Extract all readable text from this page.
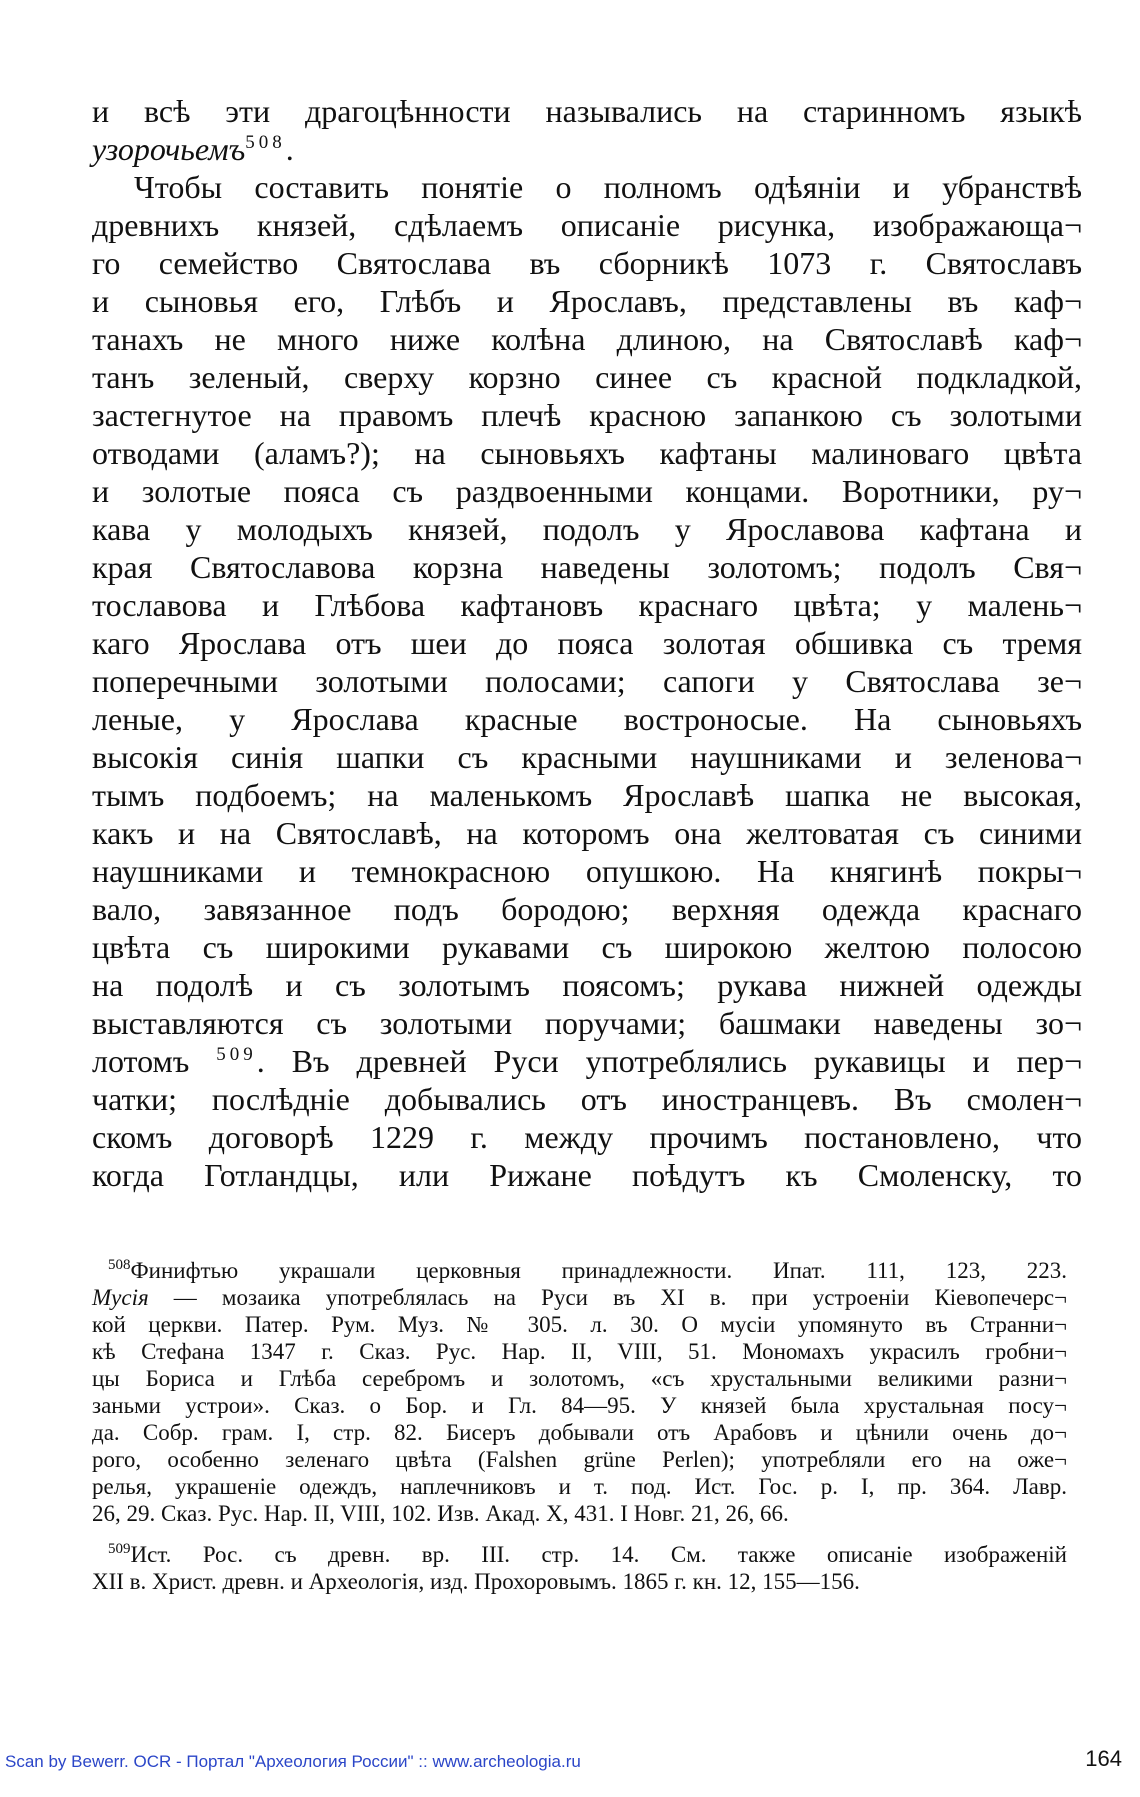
и всѣ эти драгоцѣнности назывались на старинномъ языкѣ
узорочьемъ$^{508}$.
Чтобы составить понятіе о полномъ одѣяніи и убранствѣ
древнихъ князей, сдѣлаемъ описаніе рисунка, изображающа¬
го семейство Святослава въ сборникѣ 1073 г. Святославъ
и сыновья его, Глѣбъ и Ярославъ, представлены въ каф¬
танахъ не много ниже колѣна длиною, на Святославѣ каф¬
танъ зеленый, сверху корзно синее съ красной подкладкой,
застегнутое на правомъ плечѣ красною запанкою съ золотыми
отводами (аламъ?); на сыновьяхъ кафтаны малиноваго цвѣта
и золотые пояса съ раздвоенными концами. Воротники, ру¬
кава у молодыхъ князей, подолъ у Ярославова кафтана и
края Святославова корзна наведены золотомъ; подолъ Свя¬
тославова и Глѣбова кафтановъ краснаго цвѣта; у малень¬
каго Ярослава отъ шеи до пояса золотая обшивка съ тремя
поперечными золотыми полосами; сапоги у Святослава зе¬
леные, у Ярослава красные востроносые. На сыновьяхъ
высокія синія шапки съ красными наушниками и зеленова¬
тымъ подбоемъ; на маленькомъ Ярославѣ шапка не высокая,
какъ и на Святославѣ, на которомъ она желтоватая съ синими
наушниками и темнокрасною опушкою. На княгинѣ покры¬
вало, завязанное подъ бородою; верхняя одежда краснаго
цвѣта съ широкими рукавами съ широкою желтою полосою
на подолѣ и съ золотымъ поясомъ; рукава нижней одежды
выставляются съ золотыми поручами; башмаки наведены зо¬
лотомъ $^{509}$. Въ древней Руси употреблялись рукавицы и пер¬
чатки; послѣдніе добывались отъ иностранцевъ. Въ смолен¬
скомъ договорѣ 1229 г. между прочимъ постановлено, что
когда Готландцы, или Рижане поѣдутъ къ Смоленску, то
$^{508}$Финифтью украшали церковныя принадлежности. Ипат. 111, 123, 223.
Мусія — мозаика употреблялась на Руси въ XI в. при устроеніи Кіевопечерс¬
кой церкви. Патер. Рум. Муз. № 305. л. 30. О мусіи упомянуто въ Странни¬
кѣ Стефана 1347 г. Сказ. Рус. Нар. II, VIII, 51. Мономахъ украсилъ гробни¬
цы Бориса и Глѣба серебромъ и золотомъ, «съ хрустальными великими разни¬
заньми устрои». Сказ. о Бор. и Гл. 84—95. У князей была хрустальная посу¬
да. Собр. грам. I, стр. 82. Бисеръ добывали отъ Арабовъ и цѣнили очень до¬
рого, особенно зеленаго цвѣта (Falshen grüne Perlen); употребляли его на оже¬
релья, украшеніе одеждъ, наплечниковъ и т. под. Ист. Гос. р. I, пр. 364. Лавр.
26, 29. Сказ. Рус. Нар. II, VIII, 102. Изв. Акад. X, 431. I Новг. 21, 26, 66.
$^{509}$Ист. Рос. съ древн. вр. III. стр. 14. См. также описаніе изображеній
XII в. Христ. древн. и Археологія, изд. Прохоровымъ. 1865 г. кн. 12, 155—156.
Scan by Bewerr. OCR - Портал "Археология России" :: www.archeologia.ru	164
